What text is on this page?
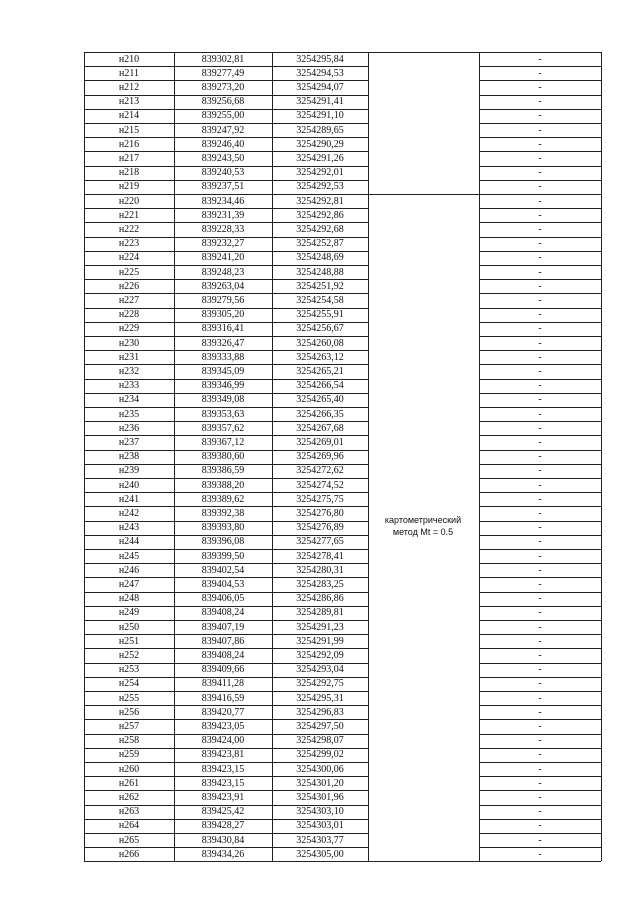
картометрический
метод Mt = 0.5
н210	839302,81	3254295,84	-
н211	839277,49	3254294,53	-
н212	839273,20	3254294,07	-
н213	839256,68	3254291,41	-
н214	839255,00	3254291,10	-
н215	839247,92	3254289,65	-
н216	839246,40	3254290,29	-
н217	839243,50	3254291,26	-
н218	839240,53	3254292,01	-
н219	839237,51	3254292,53	-
н220	839234,46	3254292,81	-
н221	839231,39	3254292,86	-
н222	839228,33	3254292,68	-
н223	839232,27	3254252,87	-
н224	839241,20	3254248,69	-
н225	839248,23	3254248,88	-
н226	839263,04	3254251,92	-
н227	839279,56	3254254,58	-
н228	839305,20	3254255,91	-
н229	839316,41	3254256,67	-
н230	839326,47	3254260,08	-
н231	839333,88	3254263,12	-
н232	839345,09	3254265,21	-
н233	839346,99	3254266,54	-
н234	839349,08	3254265,40	-
н235	839353,63	3254266,35	-
н236	839357,62	3254267,68	-
н237	839367,12	3254269,01	-
н238	839380,60	3254269,96	-
н239	839386,59	3254272,62	-
н240	839388,20	3254274,52	-
н241	839389,62	3254275,75	-
н242	839392,38	3254276,80	-
н243	839393,80	3254276,89	-
н244	839396,08	3254277,65	-
н245	839399,50	3254278,41	-
н246	839402,54	3254280,31	-
н247	839404,53	3254283,25	-
н248	839406,05	3254286,86	-
н249	839408,24	3254289,81	-
н250	839407,19	3254291,23	-
н251	839407,86	3254291,99	-
н252	839408,24	3254292,09	-
н253	839409,66	3254293,04	-
н254	839411,28	3254292,75	-
н255	839416,59	3254295,31	-
н256	839420,77	3254296,83	-
н257	839423,05	3254297,50	-
н258	839424,00	3254298,07	-
н259	839423,81	3254299,02	-
н260	839423,15	3254300,06	-
н261	839423,15	3254301,20	-
н262	839423,91	3254301,96	-
н263	839425,42	3254303,10	-
н264	839428,27	3254303,01	-
н265	839430,84	3254303,77	-
н266	839434,26	3254305,00	-
